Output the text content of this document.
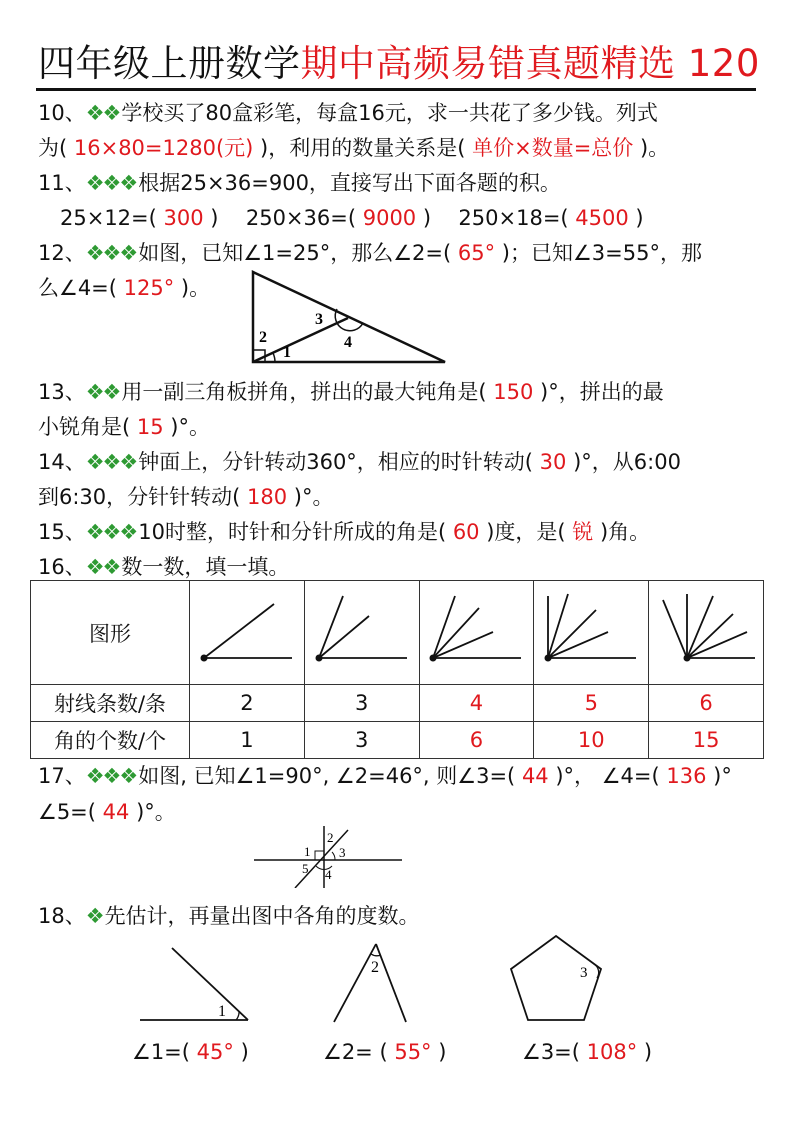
四年级上册数学期中高频易错真题精选 120
10、❖❖学校买了80盒彩笔，每盒16元，求一共花了多少钱。列式
为( 16×80=1280(元) )，利用的数量关系是( 单价×数量=总价 )。
11、❖❖❖根据25×36=900，直接写出下面各题的积。
25×12=( 300 ) 250×36=( 9000 ) 250×18=( 4500 )
12、❖❖❖如图，已知∠1=25°，那么∠2=( 65° )；已知∠3=55°，那
么∠4=( 125° )。
1
2
3
4
13、❖❖用一副三角板拼角，拼出的最大钝角是( 150 )°，拼出的最
小锐角是( 15 )°。
14、❖❖❖钟面上，分针转动360°，相应的时针转动( 30 )°，从6:00
到6:30，分针针转动( 180 )°。
15、❖❖❖10时整，时针和分针所成的角是( 60 )度，是( 锐 )角。
16、❖❖数一数，填一填。
图形					
射线条数/条	2	3	4	5	6
角的个数/个	1	3	6	10	15
17、❖❖❖如图, 已知∠1=90°, ∠2=46°, 则∠3=( 44 )°， ∠4=( 136 )°
∠5=( 44 )°。
1
2
3
4
5
18、❖先估计，再量出图中各角的度数。
1
2	3
∠1=( 45° )	∠2= ( 55° )	∠3=( 108° )
